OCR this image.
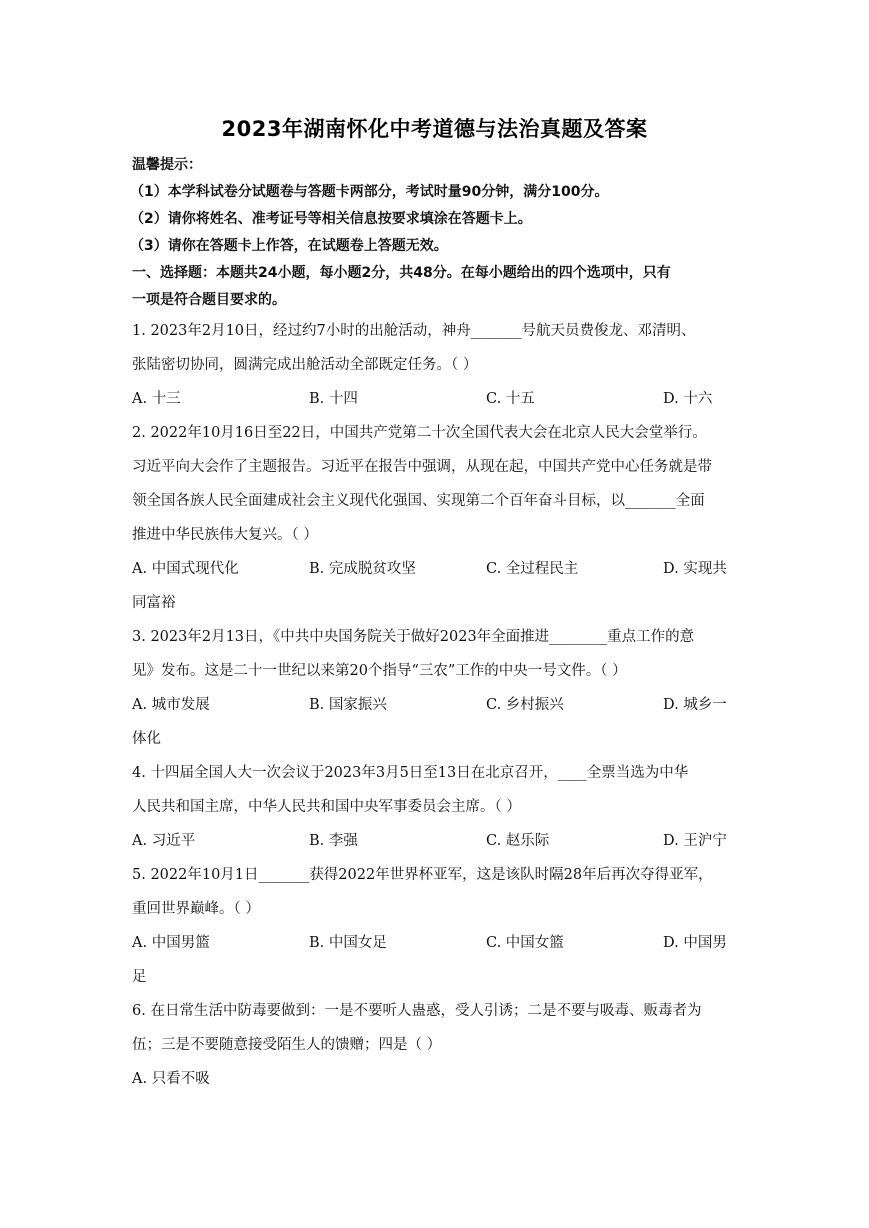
2023年湖南怀化中考道德与法治真题及答案
温馨提示：
（1）本学科试卷分试题卷与答题卡两部分，考试时量90分钟，满分100分。
（2）请你将姓名、准考证号等相关信息按要求填涂在答题卡上。
（3）请你在答题卡上作答，在试题卷上答题无效。
一、选择题：本题共24小题，每小题2分，共48分。在每小题给出的四个选项中，只有
一项是符合题目要求的。
1. 2023年2月10日，经过约7小时的出舱活动，神舟_______号航天员费俊龙、邓清明、
张陆密切协同，圆满完成出舱活动全部既定任务。（ ）
A. 十三	B. 十四	C. 十五	D. 十六
2. 2022年10月16日至22日，中国共产党第二十次全国代表大会在北京人民大会堂举行。
习近平向大会作了主题报告。习近平在报告中强调，从现在起，中国共产党中心任务就是带
领全国各族人民全面建成社会主义现代化强国、实现第二个百年奋斗目标，以_______全面
推进中华民族伟大复兴。（ ）
A. 中国式现代化	B. 完成脱贫攻坚	C. 全过程民主	D. 实现共
同富裕
3. 2023年2月13日，《中共中央国务院关于做好2023年全面推进________重点工作的意
见》发布。这是二十一世纪以来第20个指导“三农”工作的中央一号文件。（ ）
A. 城市发展	B. 国家振兴	C. 乡村振兴	D. 城乡一
体化
4. 十四届全国人大一次会议于2023年3月5日至13日在北京召开，____全票当选为中华
人民共和国主席，中华人民共和国中央军事委员会主席。（ ）
A. 习近平	B. 李强	C. 赵乐际	D. 王沪宁
5. 2022年10月1日_______获得2022年世界杯亚军，这是该队时隔28年后再次夺得亚军，
重回世界巅峰。（ ）
A. 中国男篮	B. 中国女足	C. 中国女篮	D. 中国男
足
6. 在日常生活中防毒要做到：一是不要听人蛊惑，受人引诱；二是不要与吸毒、贩毒者为
伍；三是不要随意接受陌生人的馈赠；四是（ ）
A. 只看不吸
